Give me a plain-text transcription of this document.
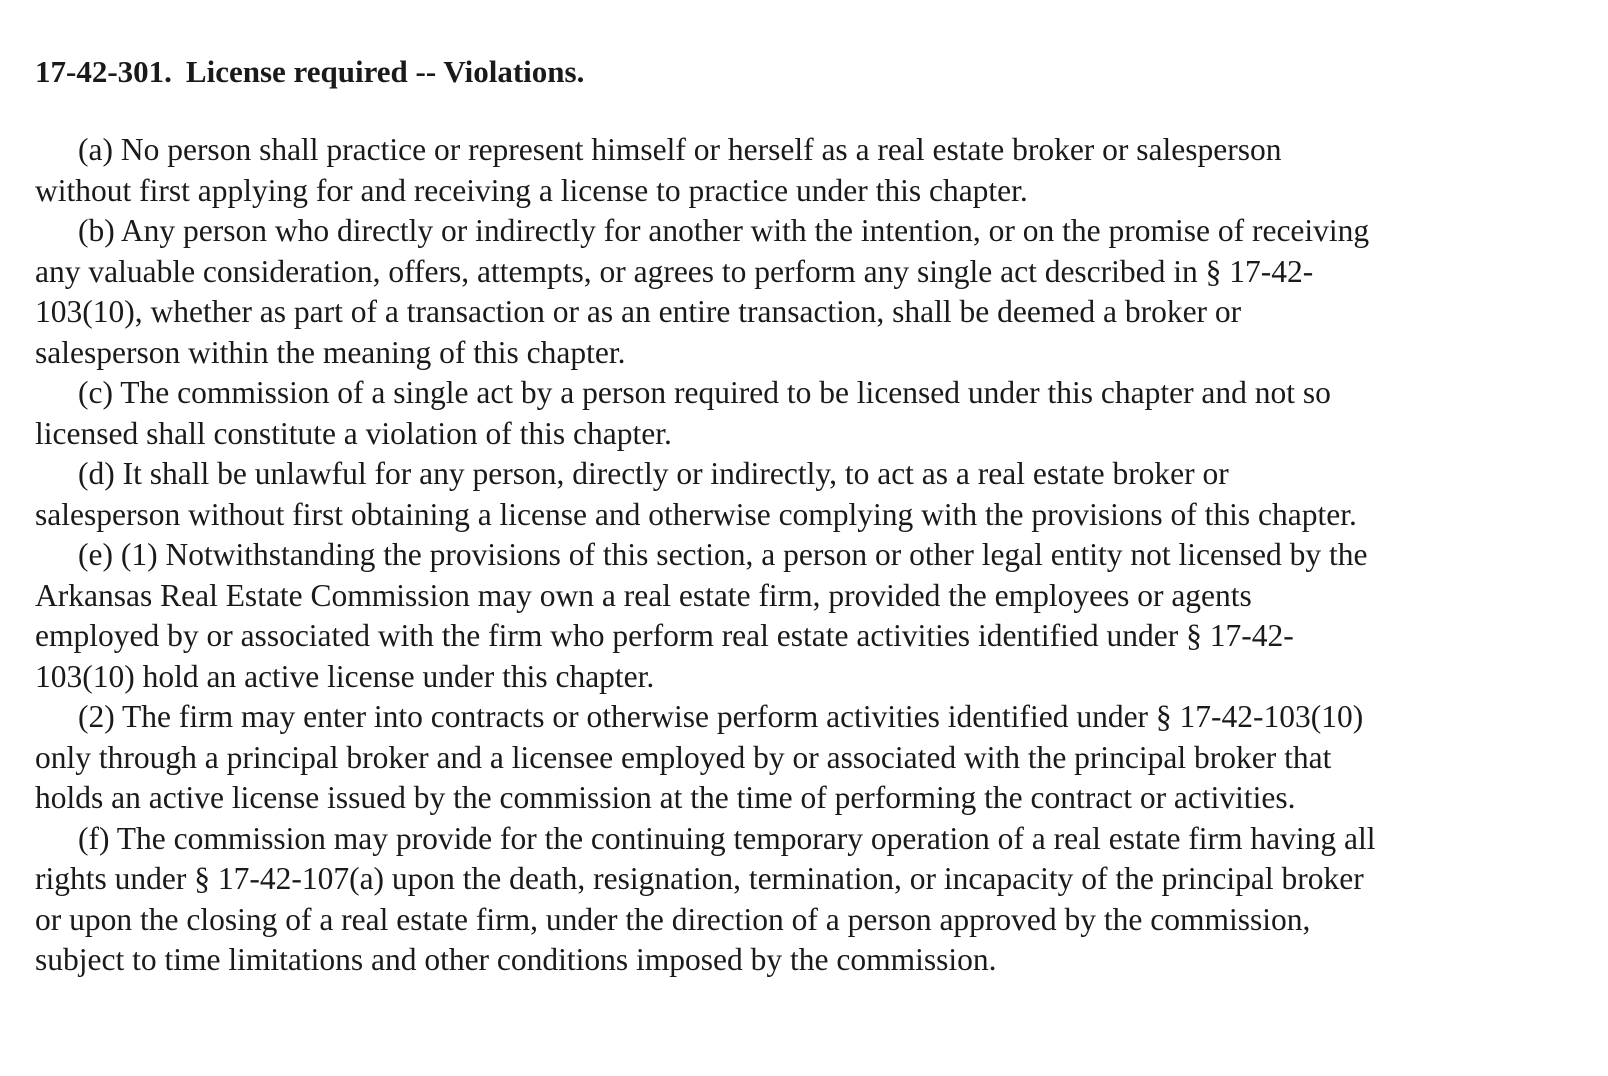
17-42-301. License required -- Violations.
(a) No person shall practice or represent himself or herself as a real estate broker or salesperson
without first applying for and receiving a license to practice under this chapter.
(b) Any person who directly or indirectly for another with the intention, or on the promise of receiving
any valuable consideration, offers, attempts, or agrees to perform any single act described in § 17-42-
103(10), whether as part of a transaction or as an entire transaction, shall be deemed a broker or
salesperson within the meaning of this chapter.
(c) The commission of a single act by a person required to be licensed under this chapter and not so
licensed shall constitute a violation of this chapter.
(d) It shall be unlawful for any person, directly or indirectly, to act as a real estate broker or
salesperson without first obtaining a license and otherwise complying with the provisions of this chapter.
(e) (1) Notwithstanding the provisions of this section, a person or other legal entity not licensed by the
Arkansas Real Estate Commission may own a real estate firm, provided the employees or agents
employed by or associated with the firm who perform real estate activities identified under § 17-42-
103(10) hold an active license under this chapter.
(2) The firm may enter into contracts or otherwise perform activities identified under § 17-42-103(10)
only through a principal broker and a licensee employed by or associated with the principal broker that
holds an active license issued by the commission at the time of performing the contract or activities.
(f) The commission may provide for the continuing temporary operation of a real estate firm having all
rights under § 17-42-107(a) upon the death, resignation, termination, or incapacity of the principal broker
or upon the closing of a real estate firm, under the direction of a person approved by the commission,
subject to time limitations and other conditions imposed by the commission.
